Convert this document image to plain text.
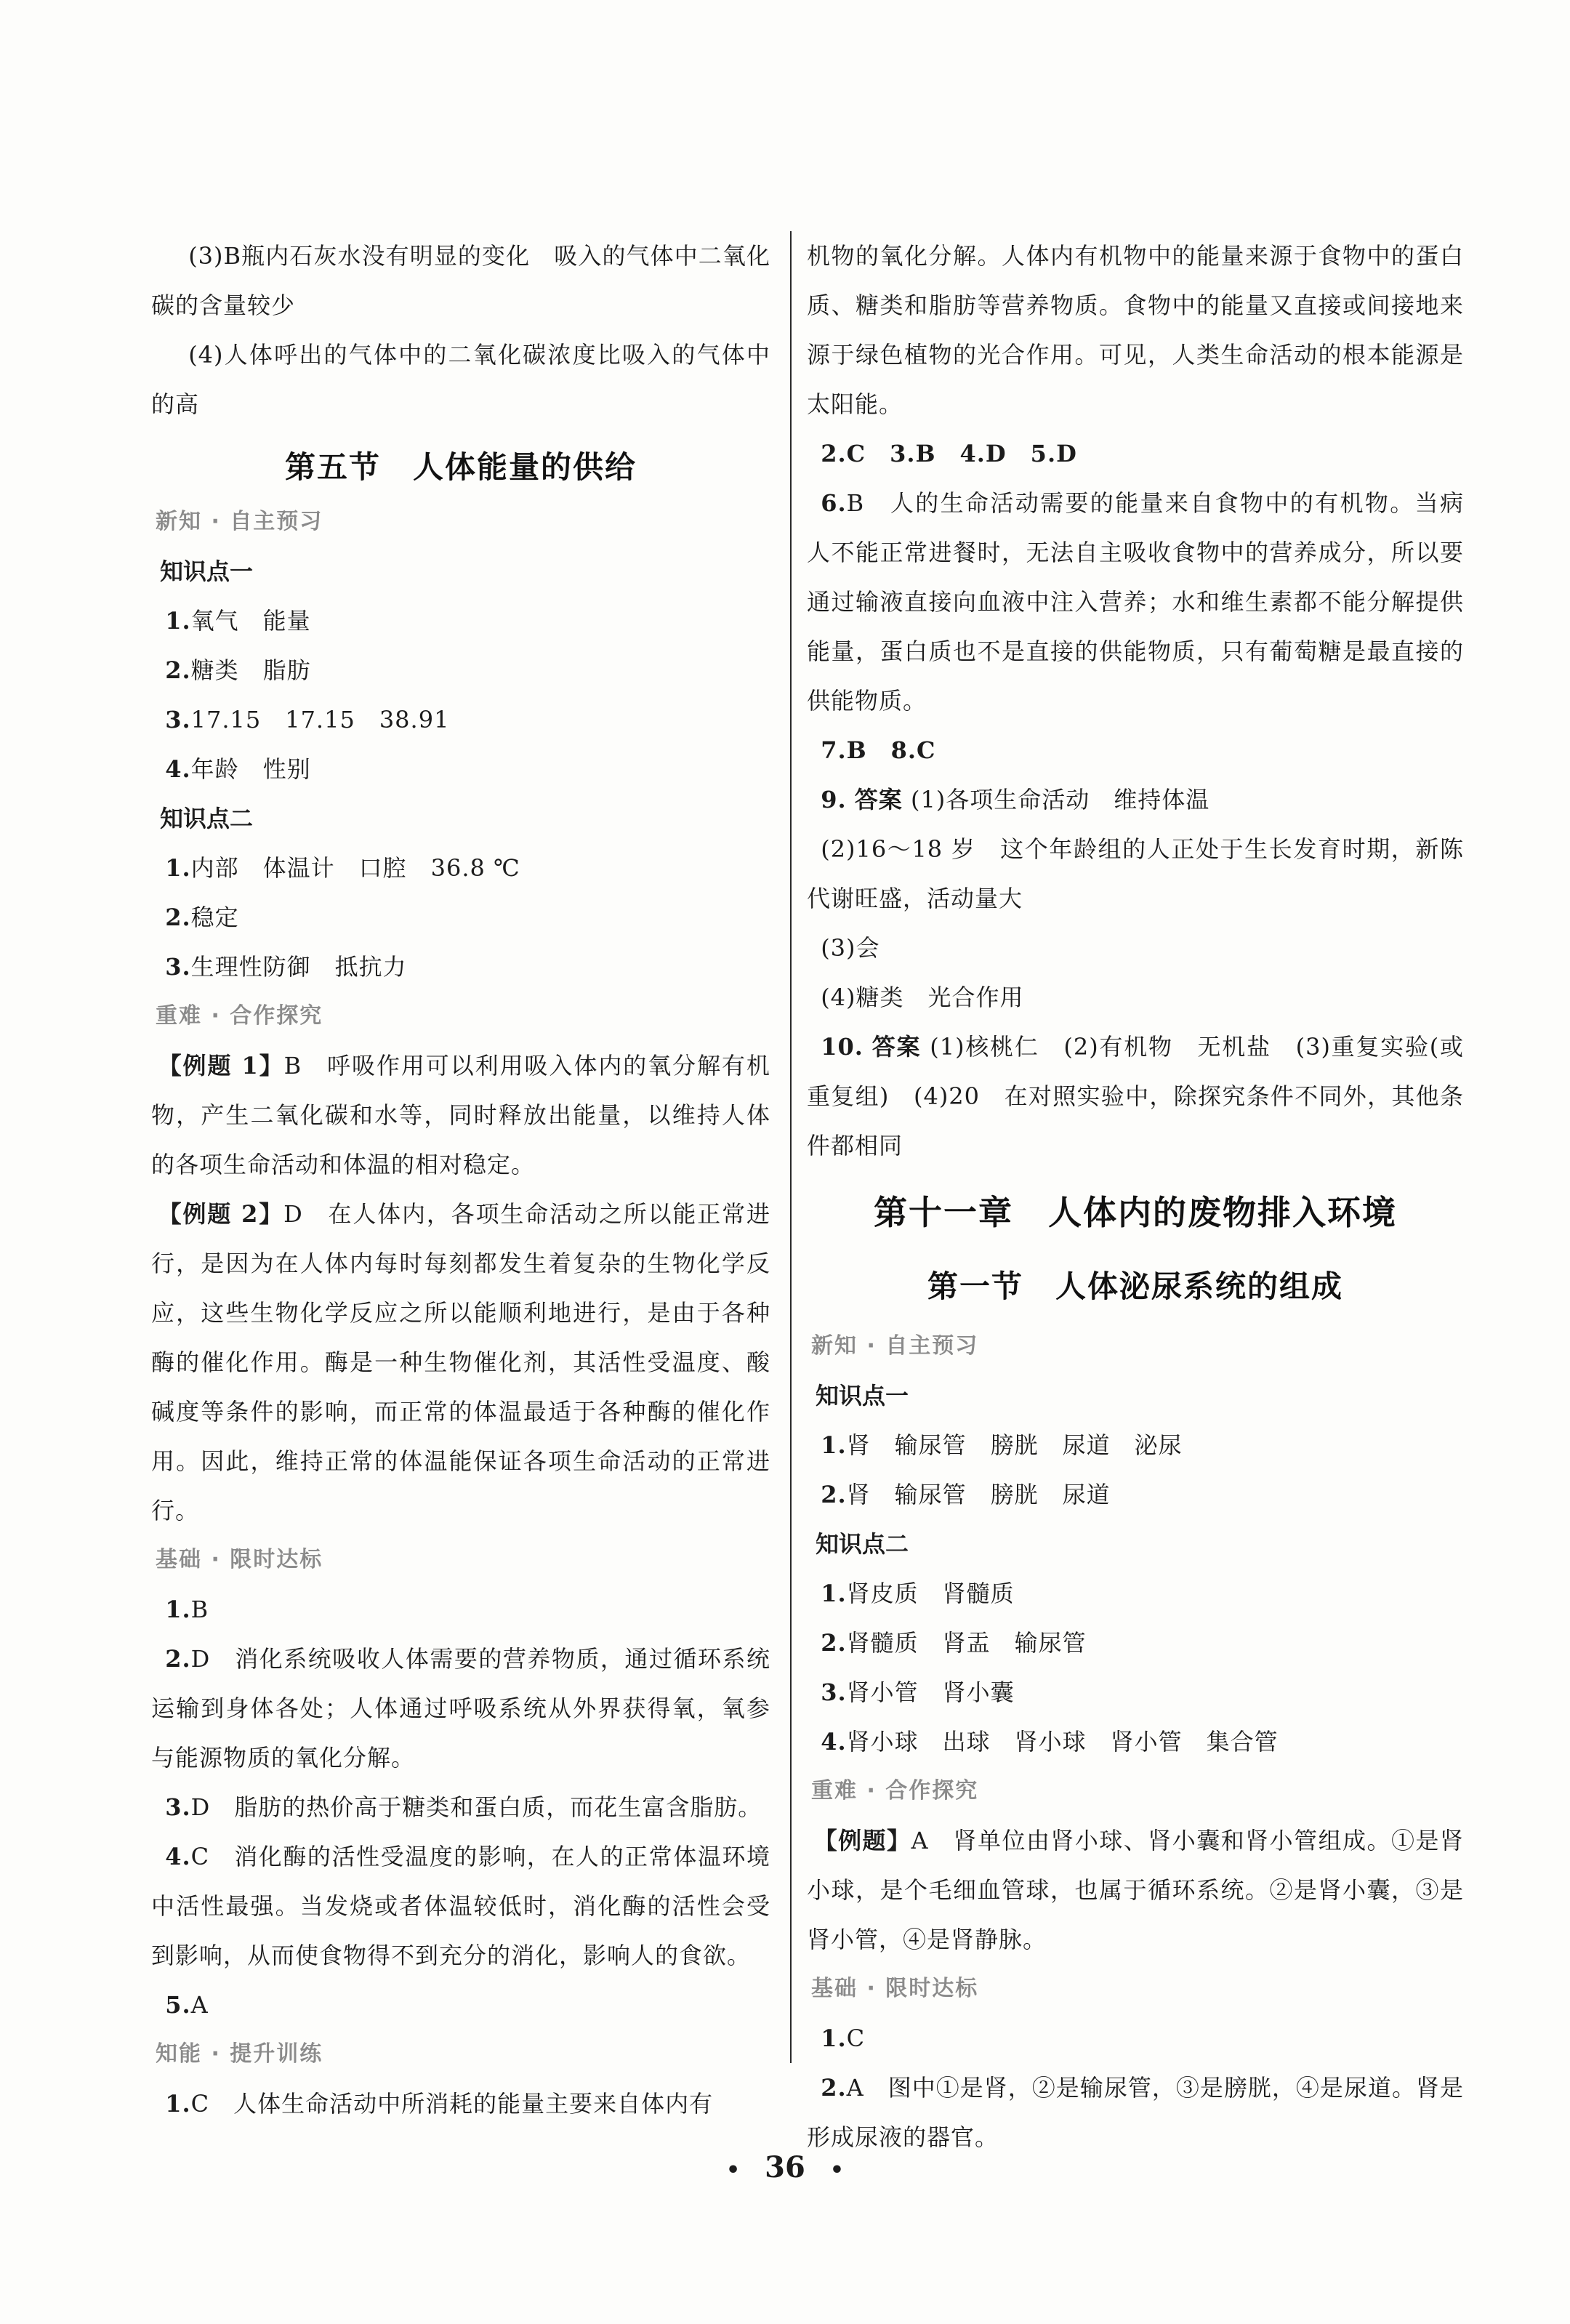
(3)B瓶内石灰水没有明显的变化　吸入的气体中二氧化碳的含量较少

(4)人体呼出的气体中的二氧化碳浓度比吸入的气体中的高

第五节　人体能量的供给

新知 · 自主预习

知识点一

1.氧气　能量

2.糖类　脂肪

3.17.15　17.15　38.91

4.年龄　性别

知识点二

1.内部　体温计　口腔　36.8 ℃

2.稳定

3.生理性防御　抵抗力

重难 · 合作探究

【例题 1】B　呼吸作用可以利用吸入体内的氧分解有机物，产生二氧化碳和水等，同时释放出能量，以维持人体的各项生命活动和体温的相对稳定。

【例题 2】D　在人体内，各项生命活动之所以能正常进行，是因为在人体内每时每刻都发生着复杂的生物化学反应，这些生物化学反应之所以能顺利地进行，是由于各种酶的催化作用。酶是一种生物催化剂，其活性受温度、酸碱度等条件的影响，而正常的体温最适于各种酶的催化作用。因此，维持正常的体温能保证各项生命活动的正常进行。

基础 · 限时达标

1.B

2.D　消化系统吸收人体需要的营养物质，通过循环系统运输到身体各处；人体通过呼吸系统从外界获得氧，氧参与能源物质的氧化分解。

3.D　脂肪的热价高于糖类和蛋白质，而花生富含脂肪。

4.C　消化酶的活性受温度的影响，在人的正常体温环境中活性最强。当发烧或者体温较低时，消化酶的活性会受到影响，从而使食物得不到充分的消化，影响人的食欲。

5.A

知能 · 提升训练

1.C　人体生命活动中所消耗的能量主要来自体内有

机物的氧化分解。人体内有机物中的能量来源于食物中的蛋白质、糖类和脂肪等营养物质。食物中的能量又直接或间接地来源于绿色植物的光合作用。可见，人类生命活动的根本能源是太阳能。

2.C　3.B　4.D　5.D

6.B　人的生命活动需要的能量来自食物中的有机物。当病人不能正常进餐时，无法自主吸收食物中的营养成分，所以要通过输液直接向血液中注入营养；水和维生素都不能分解提供能量，蛋白质也不是直接的供能物质，只有葡萄糖是最直接的供能物质。

7.B　8.C

9. 答案 (1)各项生命活动　维持体温

(2)16～18 岁　这个年龄组的人正处于生长发育时期，新陈代谢旺盛，活动量大

(3)会

(4)糖类　光合作用

10. 答案 (1)核桃仁　(2)有机物　无机盐　(3)重复实验(或重复组)　(4)20　在对照实验中，除探究条件不同外，其他条件都相同

第十一章　人体内的废物排入环境

第一节　人体泌尿系统的组成

新知 · 自主预习

知识点一

1.肾　输尿管　膀胱　尿道　泌尿

2.肾　输尿管　膀胱　尿道

知识点二

1.肾皮质　肾髓质

2.肾髓质　肾盂　输尿管

3.肾小管　肾小囊

4.肾小球　出球　肾小球　肾小管　集合管

重难 · 合作探究

【例题】A　肾单位由肾小球、肾小囊和肾小管组成。①是肾小球，是个毛细血管球，也属于循环系统。②是肾小囊，③是肾小管，④是肾静脉。

基础 · 限时达标

1.C

2.A　图中①是肾，②是输尿管，③是膀胱，④是尿道。肾是形成尿液的器官。

• 36 •
